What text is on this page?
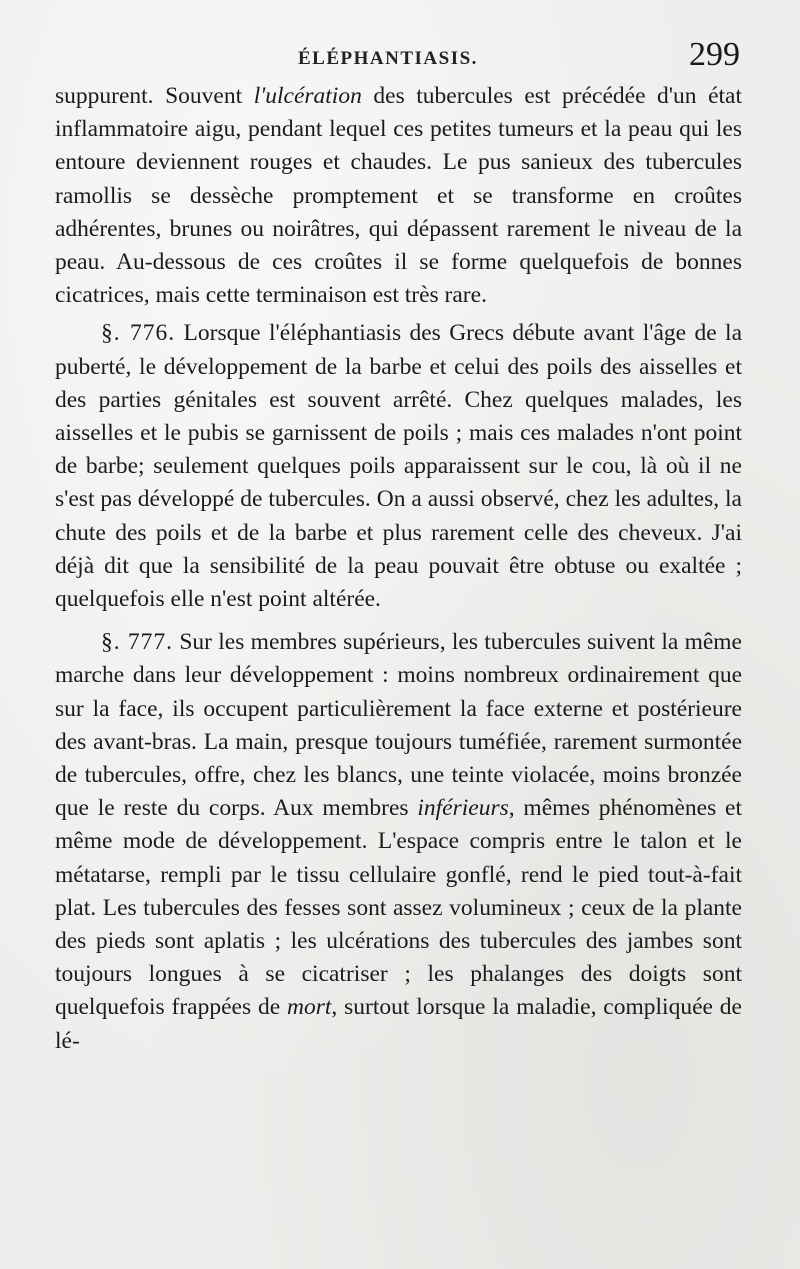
ÉLÉPHANTIASIS.	299

suppurent. Souvent l'ulcération des tubercules est précédée d'un état inflammatoire aigu, pendant lequel ces petites tumeurs et la peau qui les entoure deviennent rouges et chaudes. Le pus sanieux des tubercules ramollis se dessèche promptement et se transforme en croûtes adhérentes, brunes ou noirâtres, qui dépassent rarement le niveau de la peau. Au-dessous de ces croûtes il se forme quelquefois de bonnes cicatrices, mais cette terminaison est très rare.

§. 776. Lorsque l'éléphantiasis des Grecs débute avant l'âge de la puberté, le développement de la barbe et celui des poils des aisselles et des parties génitales est souvent arrêté. Chez quelques malades, les aisselles et le pubis se garnissent de poils ; mais ces malades n'ont point de barbe; seulement quelques poils apparaissent sur le cou, là où il ne s'est pas développé de tubercules. On a aussi observé, chez les adultes, la chute des poils et de la barbe et plus rarement celle des cheveux. J'ai déjà dit que la sensibilité de la peau pouvait être obtuse ou exaltée ; quelquefois elle n'est point altérée.

§. 777. Sur les membres supérieurs, les tubercules suivent la même marche dans leur développement : moins nombreux ordinairement que sur la face, ils occupent particulièrement la face externe et postérieure des avant-bras. La main, presque toujours tuméfiée, rarement surmontée de tubercules, offre, chez les blancs, une teinte violacée, moins bronzée que le reste du corps. Aux membres inférieurs, mêmes phénomènes et même mode de développement. L'espace compris entre le talon et le métatarse, rempli par le tissu cellulaire gonflé, rend le pied tout-à-fait plat. Les tubercules des fesses sont assez volumineux ; ceux de la plante des pieds sont aplatis ; les ulcérations des tubercules des jambes sont toujours longues à se cicatriser ; les phalanges des doigts sont quelquefois frappées de mort, surtout lorsque la maladie, compliquée de lé-
